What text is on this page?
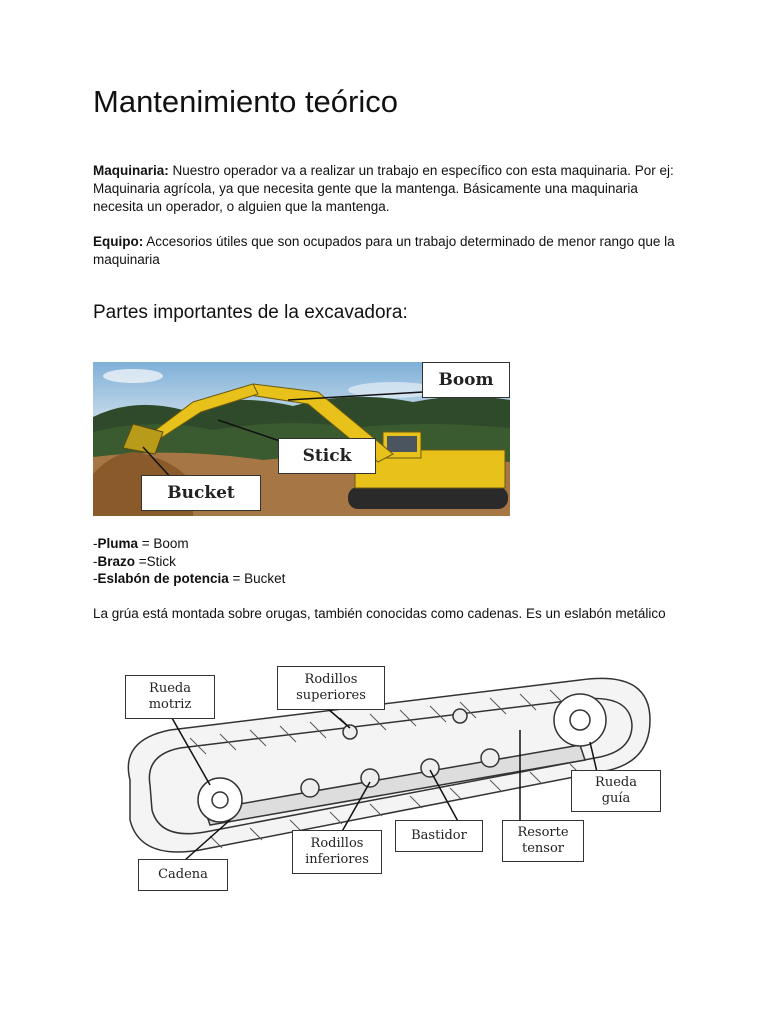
Mantenimiento teórico

Maquinaria: Nuestro operador va a realizar un trabajo en específico con esta maquinaria. Por ej: Maquinaria agrícola, ya que necesita gente que la mantenga. Básicamente una maquinaria necesita un operador, o alguien que la mantenga.

Equipo: Accesorios útiles que son ocupados para un trabajo determinado de menor rango que la maquinaria

Partes importantes de la excavadora:
-Pluma = Boom
-Brazo =Stick
-Eslabón de potencia = Bucket

La grúa está montada sobre orugas, también conocidas como cadenas. Es un eslabón metálico

Boom
Stick
Bucket
Rueda
motriz
Rodillos
superiores
Rueda
guía
Bastidor	Resorte
tensor
Rodillos
inferiores
Cadena
